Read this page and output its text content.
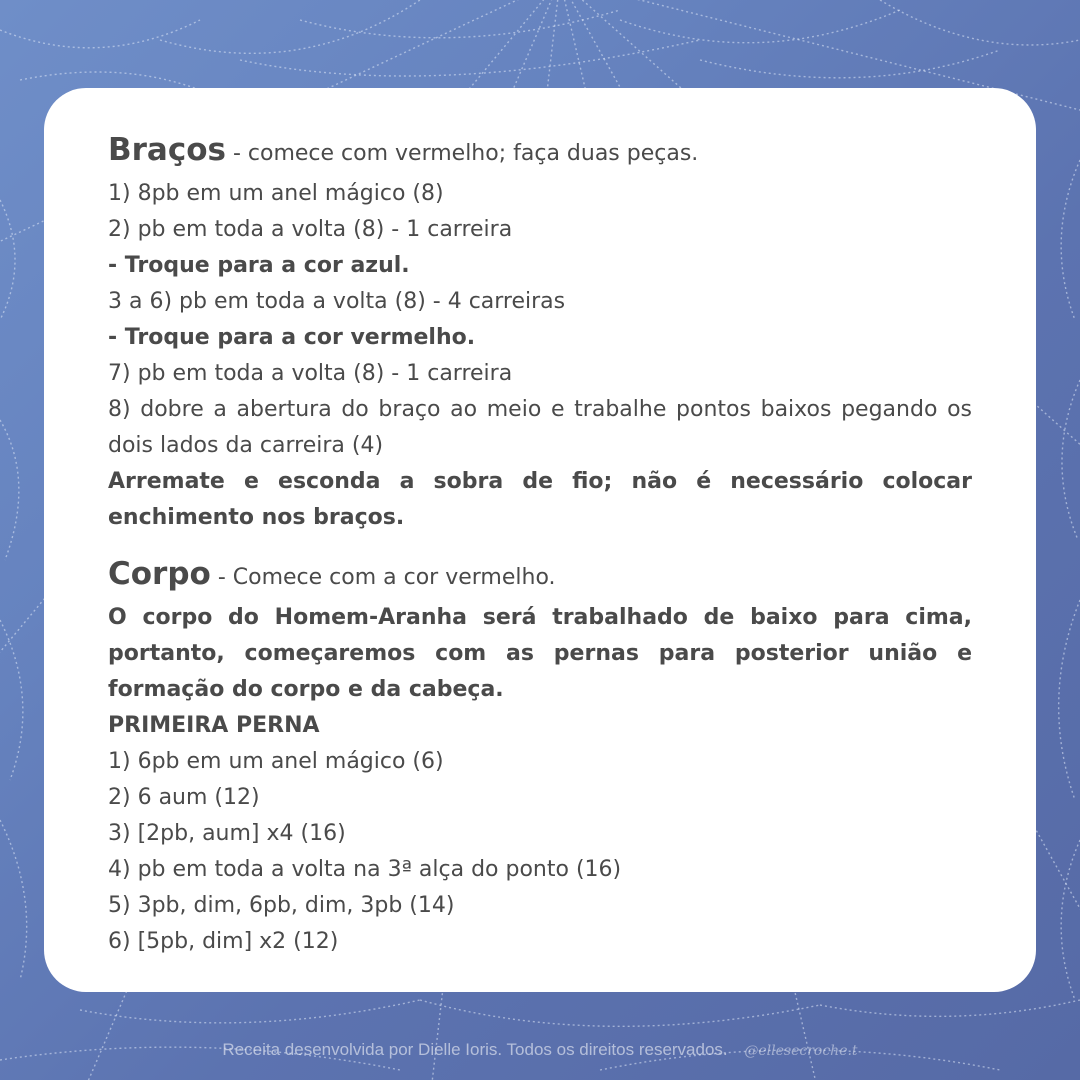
Braços - comece com vermelho; faça duas peças.

1) 8pb em um anel mágico (8)

2) pb em toda a volta (8) - 1 carreira

- Troque para a cor azul.

3 a 6) pb em toda a volta (8) - 4 carreiras

- Troque para a cor vermelho.

7) pb em toda a volta (8) - 1 carreira

8) dobre a abertura do braço ao meio e trabalhe pontos baixos pegando os dois lados da carreira (4)

Arremate e esconda a sobra de fio; não é necessário colocar enchimento nos braços.

Corpo - Comece com a cor vermelho.

O corpo do Homem-Aranha será trabalhado de baixo para cima, portanto, começaremos com as pernas para posterior união e formação do corpo e da cabeça.

PRIMEIRA PERNA

1) 6pb em um anel mágico (6)

2) 6 aum (12)

3) [2pb, aum] x4 (16)

4) pb em toda a volta na 3ª alça do ponto (16)

5) 3pb, dim, 6pb, dim, 3pb (14)

6) [5pb, dim] x2 (12)

Receita desenvolvida por Dielle Ioris. Todos os direitos reservados. @ellesecroche.t
